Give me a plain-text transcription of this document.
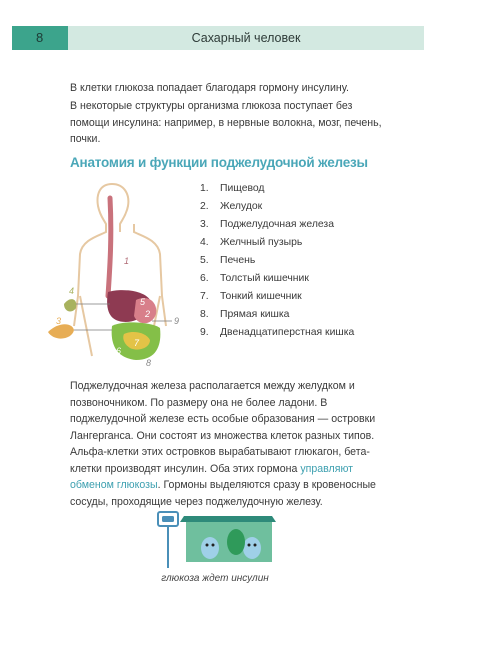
8	Сахарный человек

В клетки глюкоза попадает благодаря гормону инсулину.

В некоторые структуры организма глюкоза поступает без помощи инсулина: например, в нервные волокна, мозг, печень, почки.

Анатомия и функции поджелудочной железы
1
2
3
4
5
6
7
8
9
1. Пищевод
2. Желудок
3. Поджелудочная железа
4. Желчный пузырь
5. Печень
6. Толстый кишечник
7. Тонкий кишечник
8. Прямая кишка
9. Двенадцатиперстная кишка

Поджелудочная железа располагается между желудком и позвоночником. По размеру она не более ладони. В поджелудочной железе есть особые образования — островки Лангерганса. Они состоят из множества клеток разных типов.

Альфа-клетки этих островков вырабатывают глюкагон, бета-клетки производят инсулин. Оба этих гормона управляют обменом глюкозы. Гормоны выделяются сразу в кровеносные сосуды, проходящие через поджелудочную железу.

глюкоза ждет инсулин
